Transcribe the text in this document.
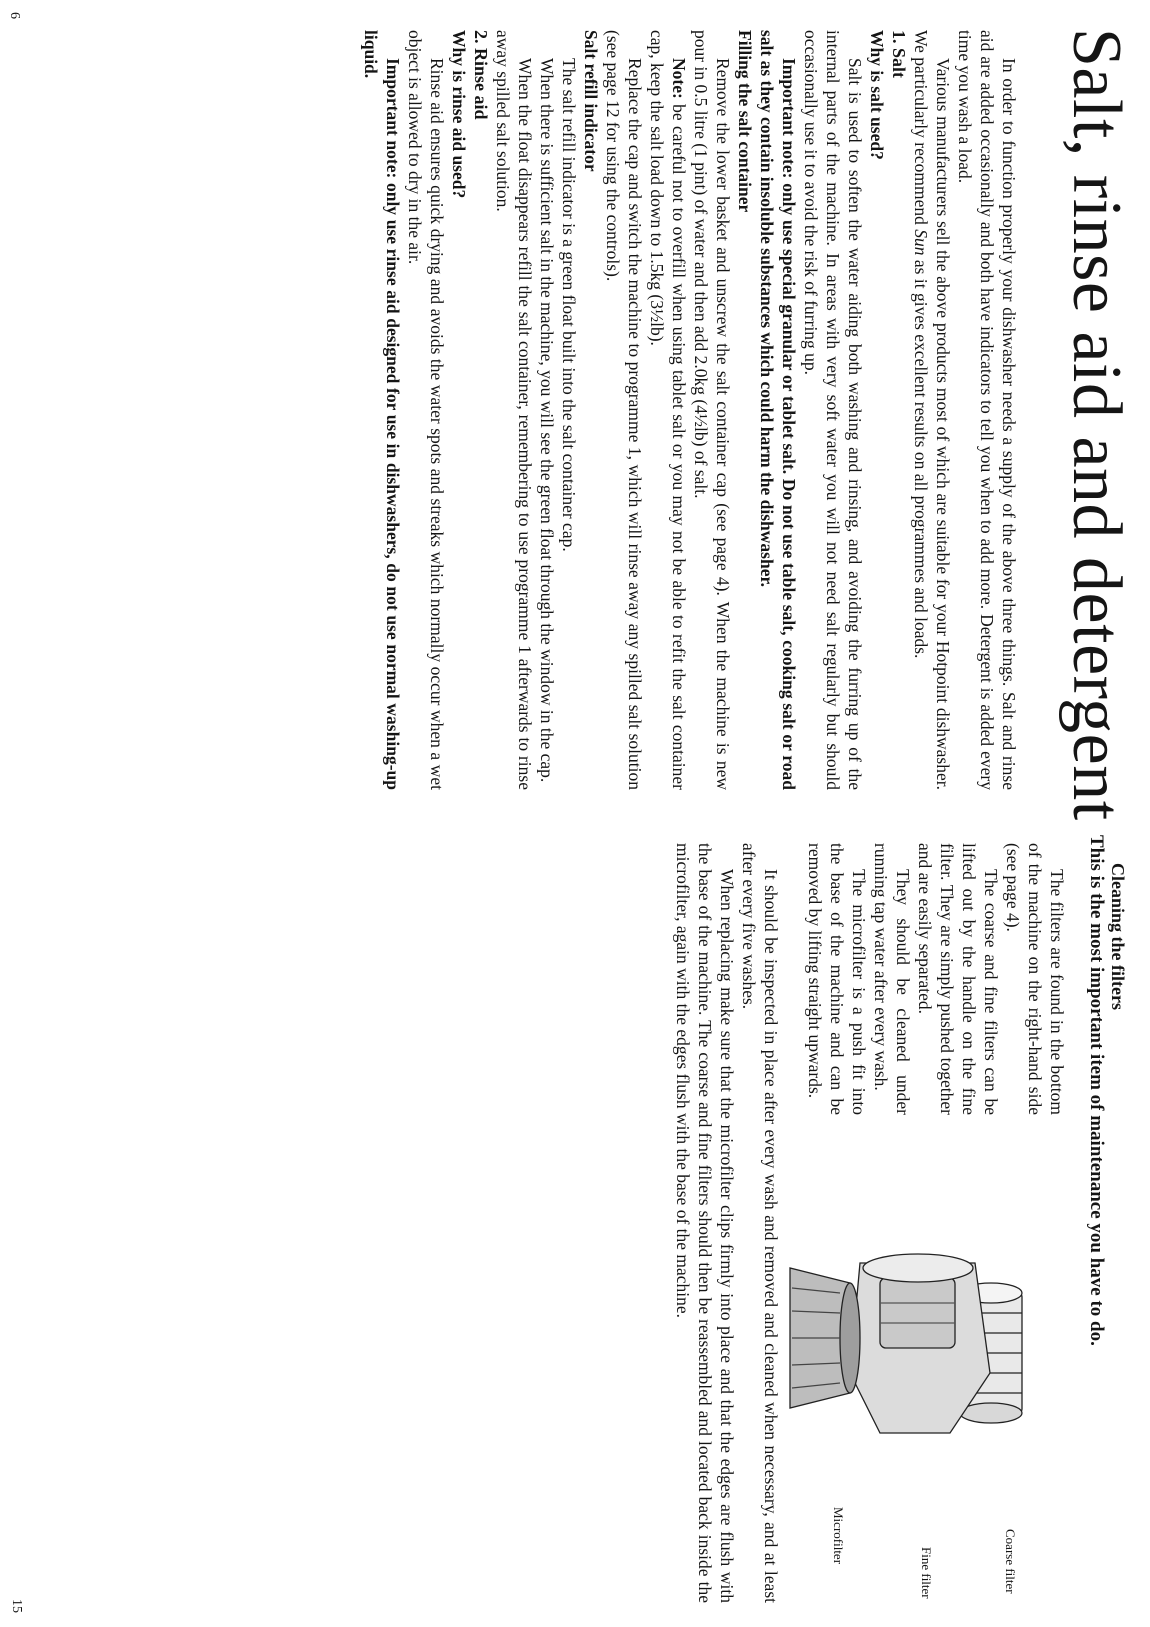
Salt, rinse aid and detergent

In order to function properly your dishwasher needs a supply of the above three things. Salt and rinse aid are added occasionally and both have indicators to tell you when to add more. Detergent is added every time you wash a load.

Various manufacturers sell the above products most of which are suitable for your Hotpoint dishwasher. We particularly recommend Sun as it gives excellent results on all programmes and loads.

1. Salt

Why is salt used?

Salt is used to soften the water aiding both washing and rinsing, and avoiding the furring up of the internal parts of the machine. In areas with very soft water you will not need salt regularly but should occasionally use it to avoid the risk of furring up.

Important note: only use special granular or tablet salt. Do not use table salt, cooking salt or road salt as they contain insoluble substances which could harm the dishwasher.

Filling the salt container

Remove the lower basket and unscrew the salt container cap (see page 4). When the machine is new pour in 0.5 litre (1 pint) of water and then add 2.0kg (4½lb) of salt.

Note: be careful not to overfill when using tablet salt or you may not be able to refit the salt container cap, keep the salt load down to 1.5kg (3½lb).

Replace the cap and switch the machine to programme 1, which will rinse away any spilled salt solution (see page 12 for using the controls).

Salt refill indicator

The salt refill indicator is a green float built into the salt container cap.

When there is sufficient salt in the machine, you will see the green float through the window in the cap.

When the float disappears refill the salt container, remembering to use programme 1 afterwards to rinse away spilled salt solution.

2. Rinse aid

Why is rinse aid used?

Rinse aid ensures quick drying and avoids the water spots and streaks which normally occur when a wet object is allowed to dry in the air.

Important note: only use rinse aid designed for use in dishwashers, do not use normal washing-up liquid.

6

Cleaning the filters

This is the most important item of maintenance you have to do.

The filters are found in the bottom of the machine on the right-hand side (see page 4).

The coarse and fine filters can be lifted out by the handle on the fine filter. They are simply pushed together and are easily separated.

They should be cleaned under running tap water after every wash.

The microfilter is a push fit into the base of the machine and can be removed by lifting straight upwards.

Coarse filter
Fine filter
Microfilter

It should be inspected in place after every wash and removed and cleaned when necessary, and at least after every five washes.

When replacing make sure that the microfilter clips firmly into place and that the edges are flush with the base of the machine. The coarse and fine filters should then be reassembled and located back inside the microfilter, again with the edges flush with the base of the machine.

15
